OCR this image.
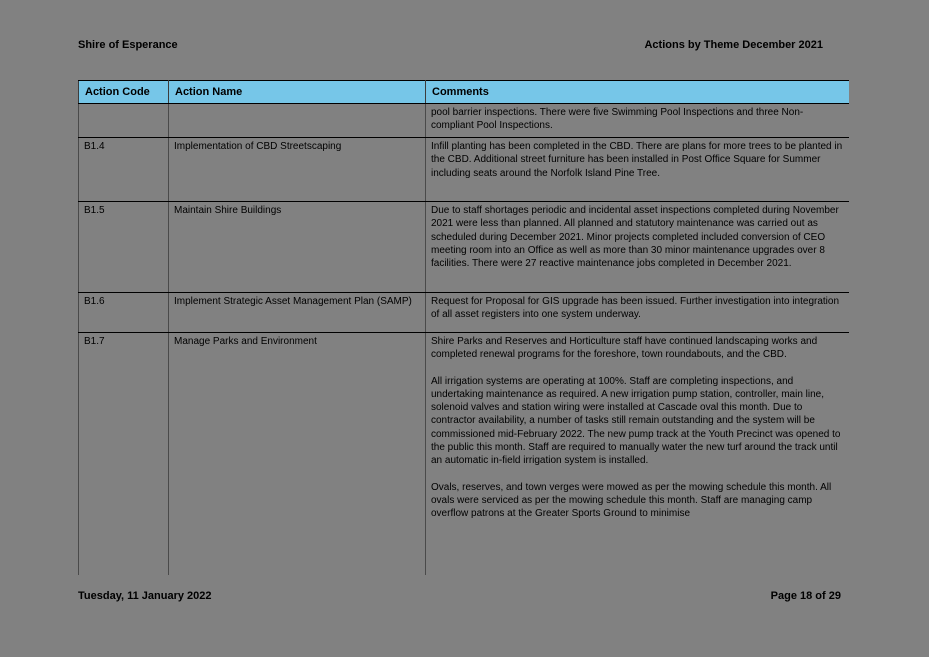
Shire of Esperance	Actions by Theme December 2021
Action Code	Action Name	Comments

		pool barrier inspections. There were five Swimming Pool Inspections and three Non-compliant Pool Inspections.

B1.4	Implementation of CBD Streetscaping	Infill planting has been completed in the CBD. There are plans for more trees to be planted in the CBD. Additional street furniture has been installed in Post Office Square for Summer including seats around the Norfolk Island Pine Tree.

B1.5	Maintain Shire Buildings	Due to staff shortages periodic and incidental asset inspections completed during November 2021 were less than planned. All planned and statutory maintenance was carried out as scheduled during December 2021. Minor projects completed included conversion of CEO meeting room into an Office as well as more than 30 minor maintenance upgrades over 8 facilities. There were 27 reactive maintenance jobs completed in December 2021.

B1.6	Implement Strategic Asset Management Plan (SAMP)	Request for Proposal for GIS upgrade has been issued. Further investigation into integration of all asset registers into one system underway.

B1.7	Manage Parks and Environment	Shire Parks and Reserves and Horticulture staff have continued landscaping works and completed renewal programs for the foreshore, town roundabouts, and the CBD.

All irrigation systems are operating at 100%. Staff are completing inspections, and undertaking maintenance as required. A new irrigation pump station, controller, main line, solenoid valves and station wiring were installed at Cascade oval this month. Due to contractor availability, a number of tasks still remain outstanding and the system will be commissioned mid-February 2022. The new pump track at the Youth Precinct was opened to the public this month. Staff are required to manually water the new turf around the track until an automatic in-field irrigation system is installed.

Ovals, reserves, and town verges were mowed as per the mowing schedule this month. All ovals were serviced as per the mowing schedule this month. Staff are managing camp overflow patrons at the Greater Sports Ground to minimise

Tuesday, 11 January 2022	Page 18 of 29
